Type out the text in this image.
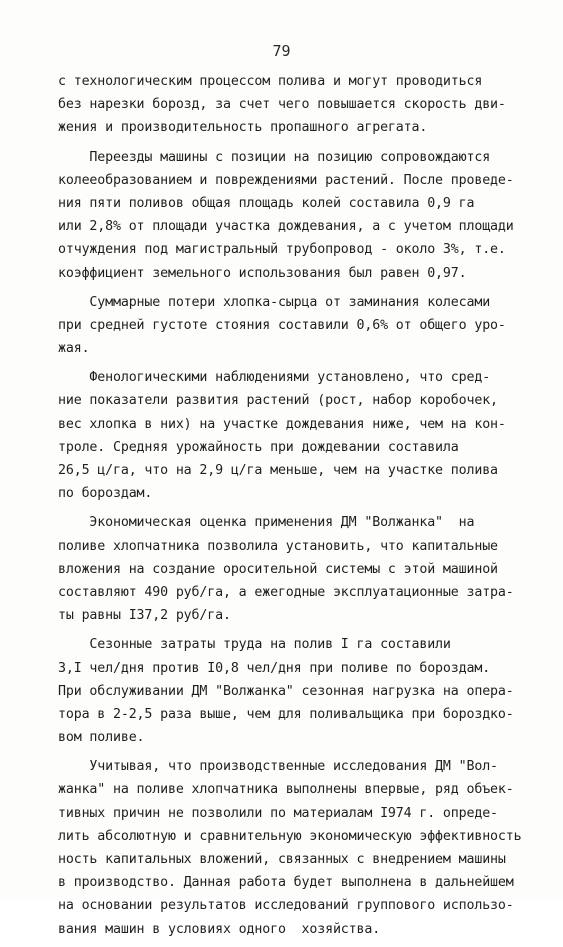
79
с технологическим процессом полива и могут проводиться
без нарезки борозд, за счет чего повышается скорость дви-
жения и производительность пропашного агрегата.
Переезды машины с позиции на позицию сопровождаются
колееобразованием и повреждениями растений. После проведе-
ния пяти поливов общая площадь колей составила 0,9 га
или 2,8% от площади участка дождевания, а с учетом площади
отчуждения под магистральный трубопровод - около 3%, т.е.
коэффициент земельного использования был равен 0,97.
Суммарные потери хлопка-сырца от заминания колесами
при средней густоте стояния составили 0,6% от общего уро-
жая.
Фенологическими наблюдениями установлено, что сред-
ние показатели развития растений (рост, набор коробочек,
вес хлопка в них) на участке дождевания ниже, чем на кон-
троле. Средняя урожайность при дождевании составила
26,5 ц/га, что на 2,9 ц/га меньше, чем на участке полива
по бороздам.
Экономическая оценка применения ДМ "Волжанка"  на
поливе хлопчатника позволила установить, что капитальные
вложения на создание оросительной системы с этой машиной
составляют 490 руб/га, а ежегодные эксплуатационные затра-
ты равны I37,2 руб/га.
Сезонные затраты труда на полив I га составили
3,I чел/дня против I0,8 чел/дня при поливе по бороздам.
При обслуживании ДМ "Волжанка" сезонная нагрузка на опера-
тора в 2-2,5 раза выше, чем для поливальщика при бороздко-
вом поливе.
Учитывая, что производственные исследования ДМ "Вол-
жанка" на поливе хлопчатника выполнены впервые, ряд объек-
тивных причин не позволили по материалам I974 г. опреде-
лить абсолютную и сравнительную экономическую эффективность
ность капитальных вложений, связанных с внедрением машины
в производство. Данная работа будет выполнена в дальнейшем
на основании результатов исследований группового использо-
вания машин в условиях одного  хозяйства.
